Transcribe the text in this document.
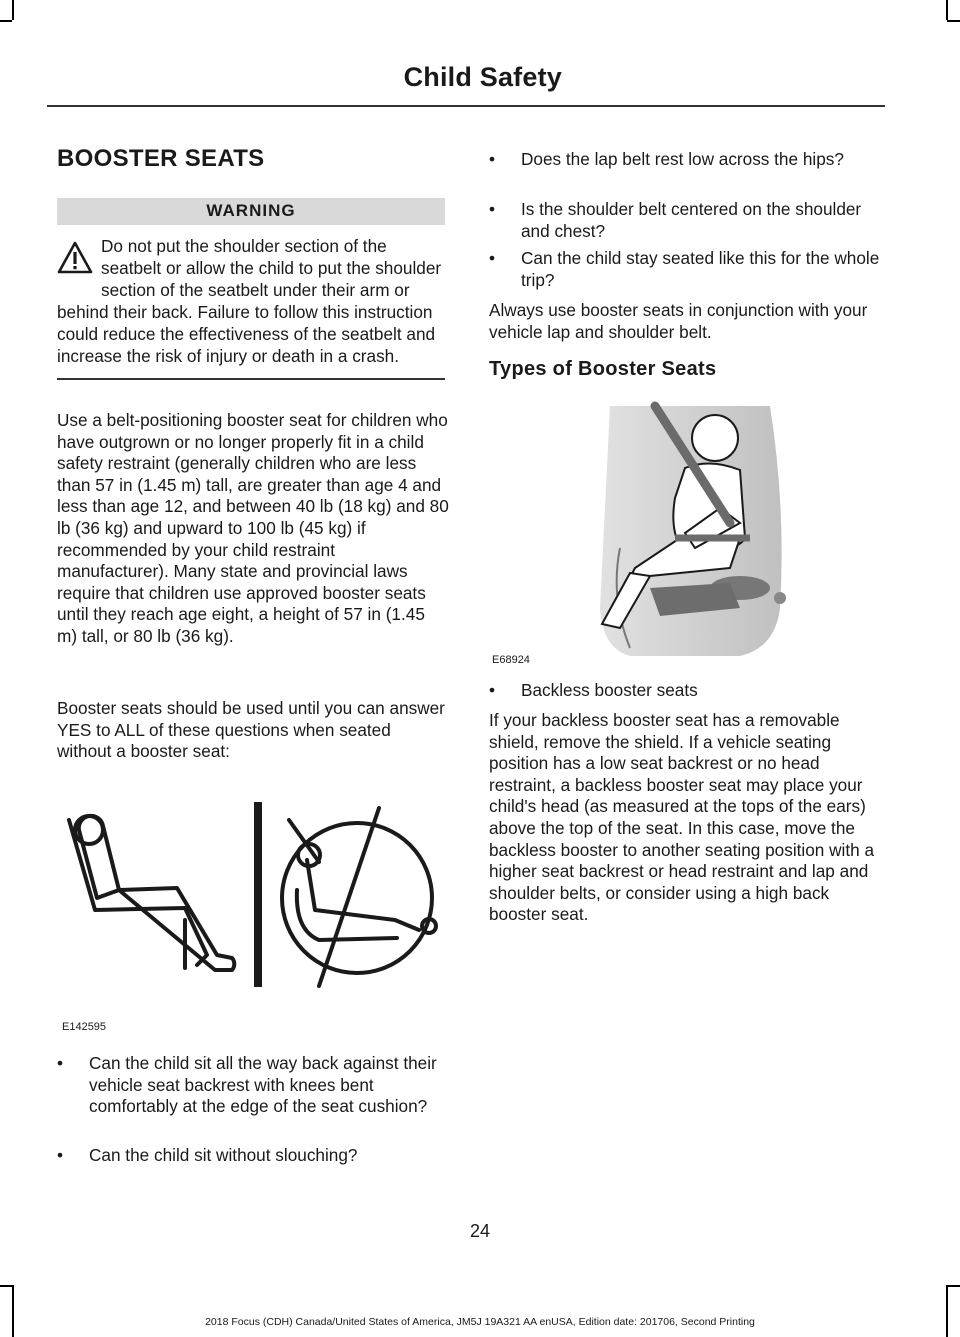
Child Safety
BOOSTER SEATS
WARNING

Do not put the shoulder section of the seatbelt or allow the child to put the shoulder section of the seatbelt under their arm or behind their back. Failure to follow this instruction could reduce the effectiveness of the seatbelt and increase the risk of injury or death in a crash.

Use a belt-positioning booster seat for children who have outgrown or no longer properly fit in a child safety restraint (generally children who are less than 57 in (1.45 m) tall, are greater than age 4 and less than age 12, and between 40 lb (18 kg) and 80 lb (36 kg) and upward to 100 lb (45 kg) if recommended by your child restraint manufacturer). Many state and provincial laws require that children use approved booster seats until they reach age eight, a height of 57 in (1.45 m) tall, or 80 lb (36 kg).

Booster seats should be used until you can answer YES to ALL of these questions when seated without a booster seat:

E142595
• Can the child sit all the way back against their vehicle seat backrest with knees bent comfortably at the edge of the seat cushion?
• Can the child sit without slouching?
• Does the lap belt rest low across the hips?
• Is the shoulder belt centered on the shoulder and chest?
• Can the child stay seated like this for the whole trip?

Always use booster seats in conjunction with your vehicle lap and shoulder belt.

Types of Booster Seats
E68924
• Backless booster seats

If your backless booster seat has a removable shield, remove the shield. If a vehicle seating position has a low seat backrest or no head restraint, a backless booster seat may place your child's head (as measured at the tops of the ears) above the top of the seat. In this case, move the backless booster to another seating position with a higher seat backrest or head restraint and lap and shoulder belts, or consider using a high back booster seat.

24
2018 Focus (CDH) Canada/United States of America, JM5J 19A321 AA enUSA, Edition date: 201706, Second Printing
